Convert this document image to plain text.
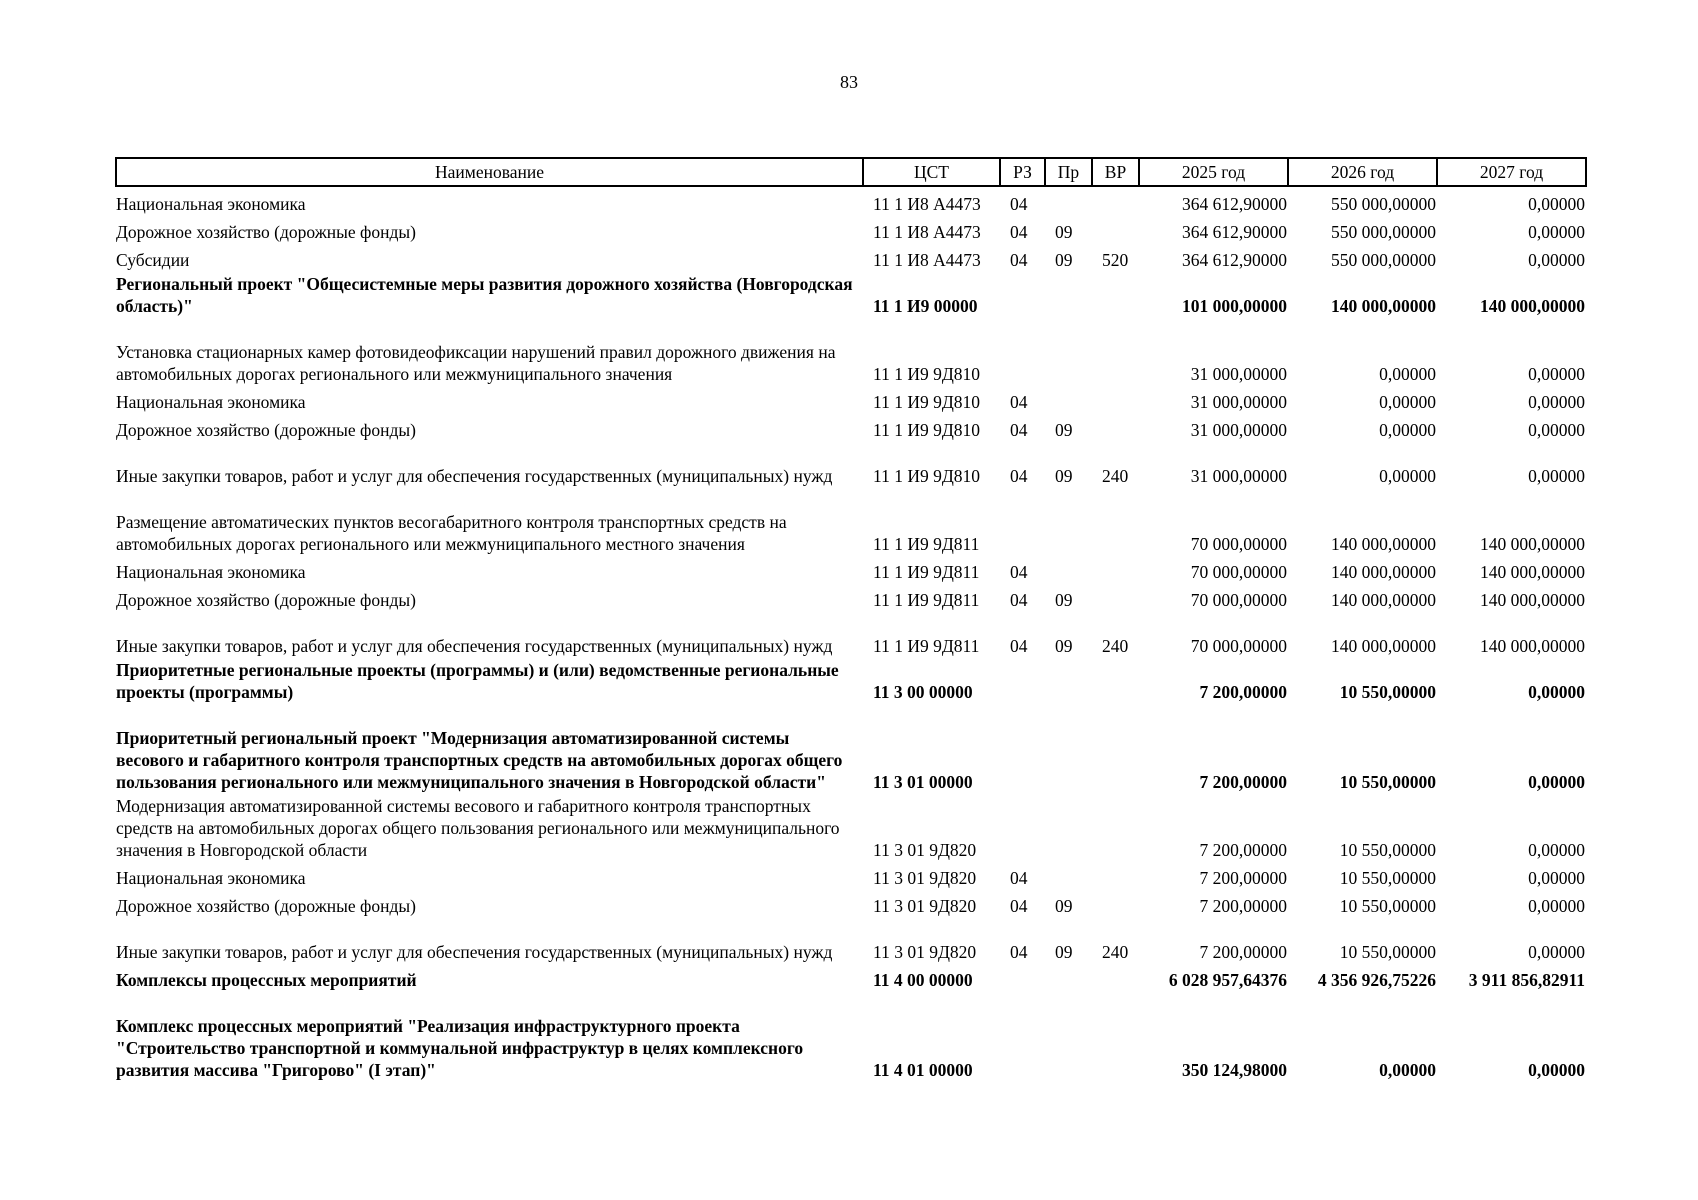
83
Наименование	ЦСТ	РЗ	Пр	ВР	2025 год	2026 год	2027 год
Национальная экономика	11 1 И8 А4473	04			364 612,90000	550 000,00000	0,00000
Дорожное хозяйство (дорожные фонды)	11 1 И8 А4473	04	09		364 612,90000	550 000,00000	0,00000
Субсидии	11 1 И8 А4473	04	09	520	364 612,90000	550 000,00000	0,00000
Региональный проект "Общесистемные меры развития дорожного хозяйства (Новгородская область)"	11 1 И9 00000				101 000,00000	140 000,00000	140 000,00000
Установка стационарных камер фотовидеофиксации нарушений правил дорожного движения на автомобильных дорогах регионального или межмуниципального значения	11 1 И9 9Д810				31 000,00000	0,00000	0,00000
Национальная экономика	11 1 И9 9Д810	04			31 000,00000	0,00000	0,00000
Дорожное хозяйство (дорожные фонды)	11 1 И9 9Д810	04	09		31 000,00000	0,00000	0,00000
Иные закупки товаров, работ и услуг для обеспечения государственных (муниципальных) нужд	11 1 И9 9Д810	04	09	240	31 000,00000	0,00000	0,00000
Размещение автоматических пунктов весогабаритного контроля транспортных средств на автомобильных дорогах регионального или межмуниципального местного значения	11 1 И9 9Д811				70 000,00000	140 000,00000	140 000,00000
Национальная экономика	11 1 И9 9Д811	04			70 000,00000	140 000,00000	140 000,00000
Дорожное хозяйство (дорожные фонды)	11 1 И9 9Д811	04	09		70 000,00000	140 000,00000	140 000,00000
Иные закупки товаров, работ и услуг для обеспечения государственных (муниципальных) нужд	11 1 И9 9Д811	04	09	240	70 000,00000	140 000,00000	140 000,00000
Приоритетные региональные проекты (программы) и (или) ведомственные региональные проекты (программы)	11 3 00 00000				7 200,00000	10 550,00000	0,00000
Приоритетный региональный проект "Модернизация автоматизированной системы весового и габаритного контроля транспортных средств на автомобильных дорогах общего пользования регионального или межмуниципального значения в Новгородской области"	11 3 01 00000				7 200,00000	10 550,00000	0,00000
Модернизация автоматизированной системы весового и габаритного контроля транспортных средств на автомобильных дорогах общего пользования регионального или межмуниципального значения в Новгородской области	11 3 01 9Д820				7 200,00000	10 550,00000	0,00000
Национальная экономика	11 3 01 9Д820	04			7 200,00000	10 550,00000	0,00000
Дорожное хозяйство (дорожные фонды)	11 3 01 9Д820	04	09		7 200,00000	10 550,00000	0,00000
Иные закупки товаров, работ и услуг для обеспечения государственных (муниципальных) нужд	11 3 01 9Д820	04	09	240	7 200,00000	10 550,00000	0,00000
Комплексы процессных мероприятий	11 4 00 00000				6 028 957,64376	4 356 926,75226	3 911 856,82911
Комплекс процессных мероприятий "Реализация инфраструктурного проекта "Строительство транспортной и коммунальной инфраструктур в целях комплексного развития массива "Григорово" (I этап)"	11 4 01 00000				350 124,98000	0,00000	0,00000
